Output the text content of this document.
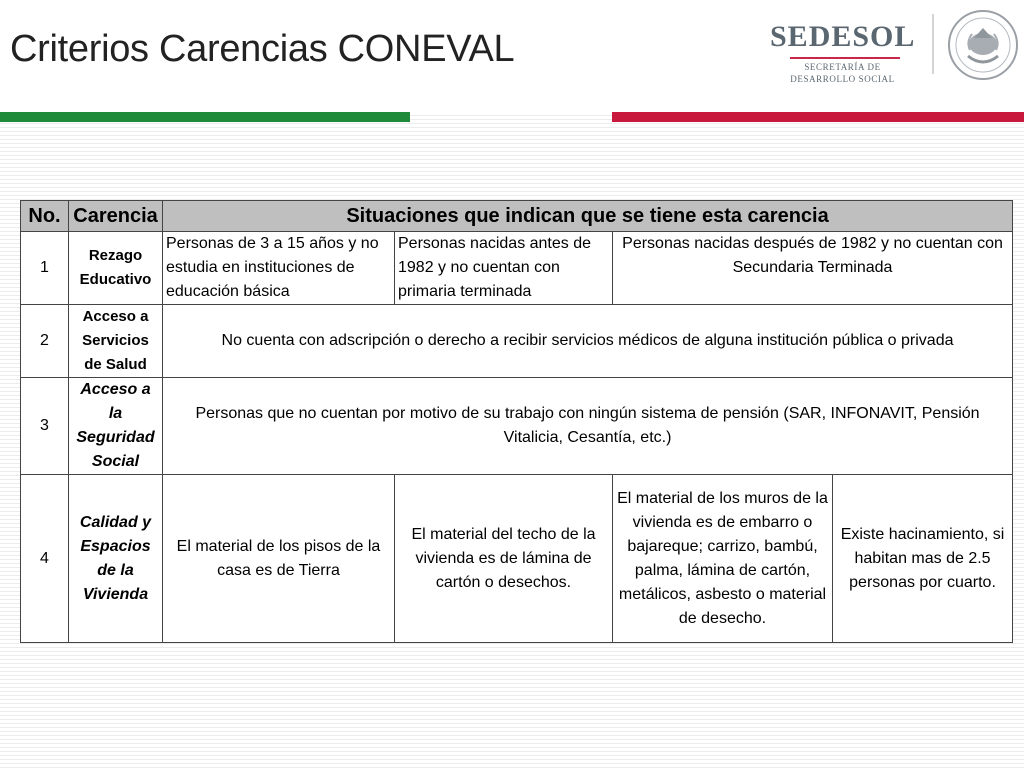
Criterios Carencias CONEVAL	SEDESOL
SECRETARÍA DE
DESARROLLO SOCIAL
No.	Carencia	Situaciones que indican que se tiene esta carencia			
1	Rezago Educativo	Personas de 3 a 15 años y no estudia en instituciones de educación básica	Personas nacidas antes de 1982 y no cuentan con primaria terminada	Personas nacidas después de 1982 y no cuentan con Secundaria Terminada	
2	Acceso a Servicios de Salud	No cuenta con adscripción o derecho a recibir servicios médicos de alguna institución pública o privada			
3	Acceso a la Seguridad Social	Personas que no cuentan por motivo de su trabajo con ningún sistema de pensión (SAR, INFONAVIT, Pensión Vitalicia, Cesantía, etc.)			
4	Calidad y Espacios de la Vivienda	El material de los pisos de la casa es de Tierra	El material del techo de la vivienda es de lámina de cartón o desechos.	El material de los muros de la vivienda es de embarro o bajareque; carrizo, bambú, palma, lámina de cartón, metálicos, asbesto o material de desecho.	Existe hacinamiento, si habitan mas de 2.5 personas por cuarto.
